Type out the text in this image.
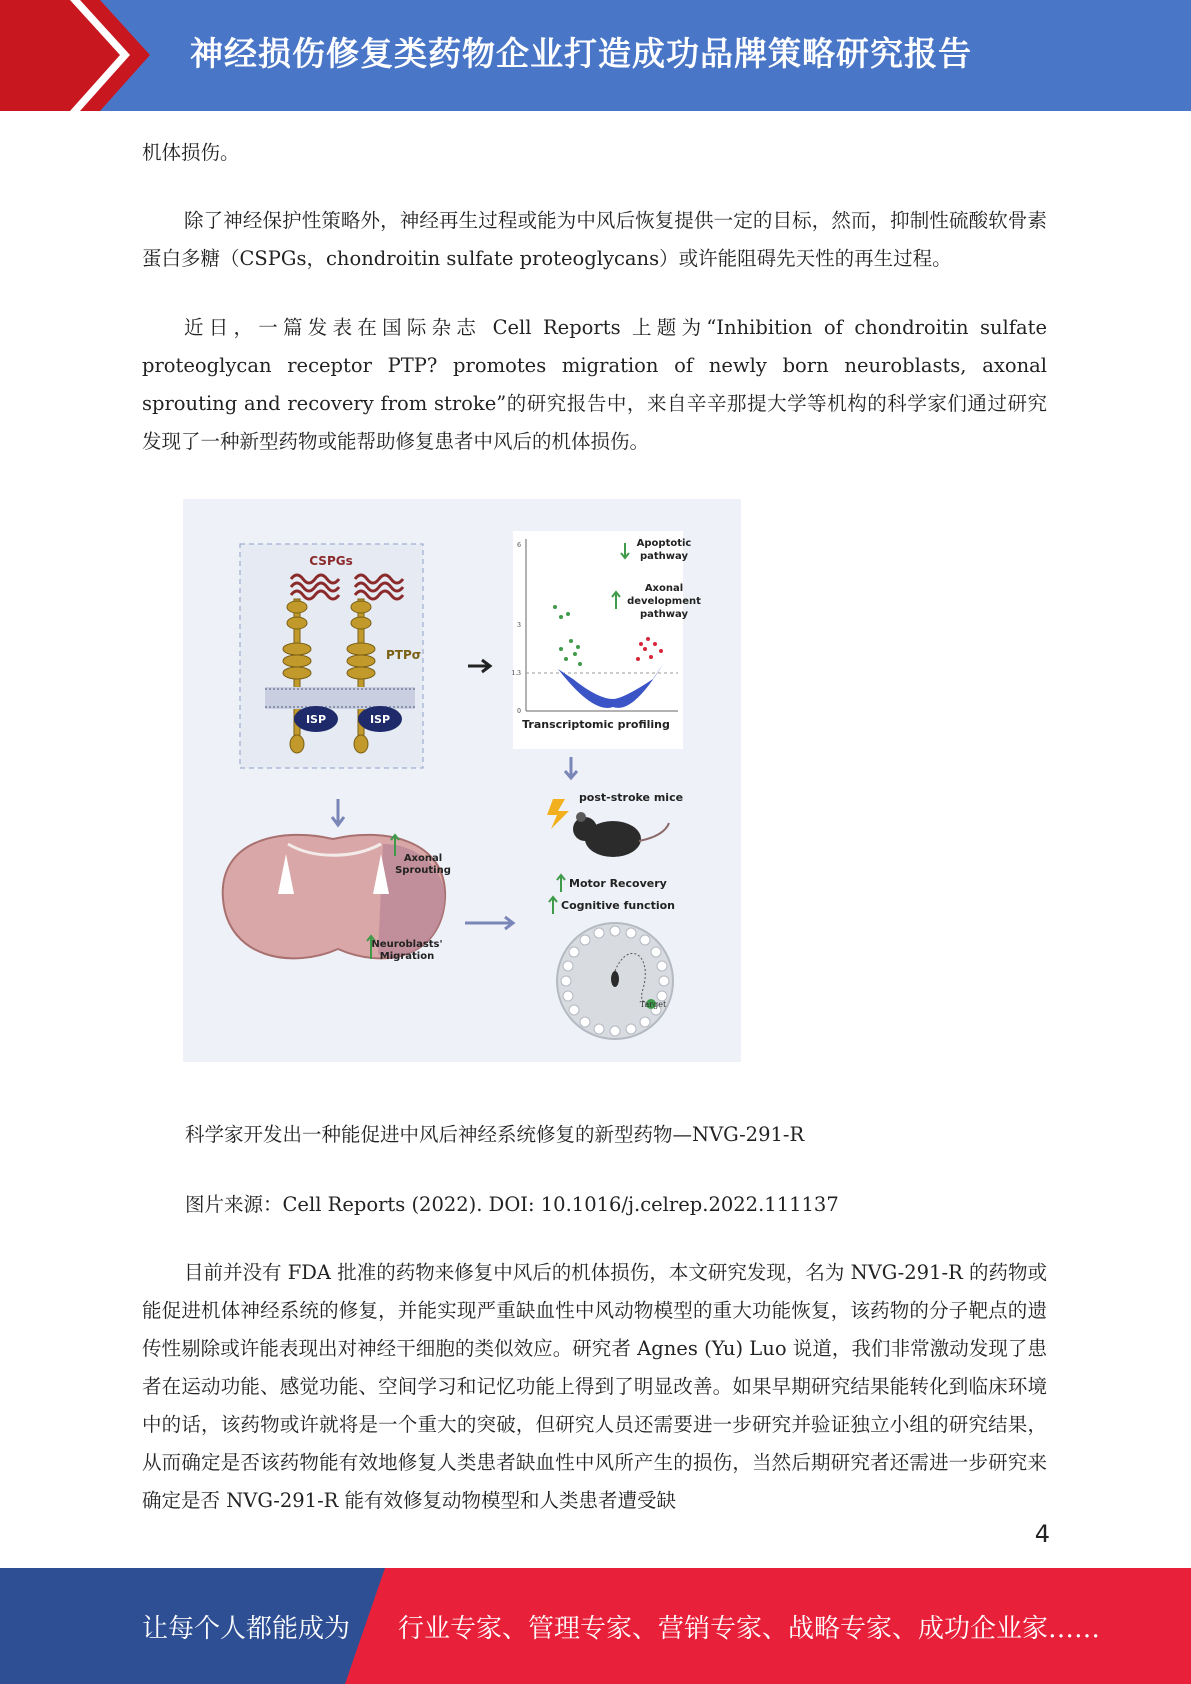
神经损伤修复类药物企业打造成功品牌策略研究报告

机体损伤。

除了神经保护性策略外，神经再生过程或能为中风后恢复提供一定的目标，然而，抑制性硫酸软骨素蛋白多糖（CSPGs，chondroitin sulfate proteoglycans）或许能阻碍先天性的再生过程。

近日，一篇发表在国际杂志 Cell Reports 上题为“Inhibition of chondroitin sulfate proteoglycan receptor PTP? promotes migration of newly born neuroblasts, axonal sprouting and recovery from stroke”的研究报告中，来自辛辛那提大学等机构的科学家们通过研究发现了一种新型药物或能帮助修复患者中风后的机体损伤。

CSPGs
PTPσ
ISP	ISP
6
3
1.3
0
Transcriptomic profiling
Apoptotic
pathway
Axonal
development
pathway
post-stroke mice
Axonal
Sprouting
Neuroblasts'
Migration
Motor Recovery
Cognitive function
Target

科学家开发出一种能促进中风后神经系统修复的新型药物—NVG-291-R

图片来源：Cell Reports (2022). DOI: 10.1016/j.celrep.2022.111137

目前并没有 FDA 批准的药物来修复中风后的机体损伤，本文研究发现，名为 NVG-291-R 的药物或能促进机体神经系统的修复，并能实现严重缺血性中风动物模型的重大功能恢复，该药物的分子靶点的遗传性剔除或许能表现出对神经干细胞的类似效应。研究者 Agnes (Yu) Luo 说道，我们非常激动发现了患者在运动功能、感觉功能、空间学习和记忆功能上得到了明显改善。如果早期研究结果能转化到临床环境中的话，该药物或许就将是一个重大的突破，但研究人员还需要进一步研究并验证独立小组的研究结果，从而确定是否该药物能有效地修复人类患者缺血性中风所产生的损伤，当然后期研究者还需进一步研究来确定是否 NVG-291-R 能有效修复动物模型和人类患者遭受缺

4
让每个人都能成为 行业专家、管理专家、营销专家、战略专家、成功企业家……
